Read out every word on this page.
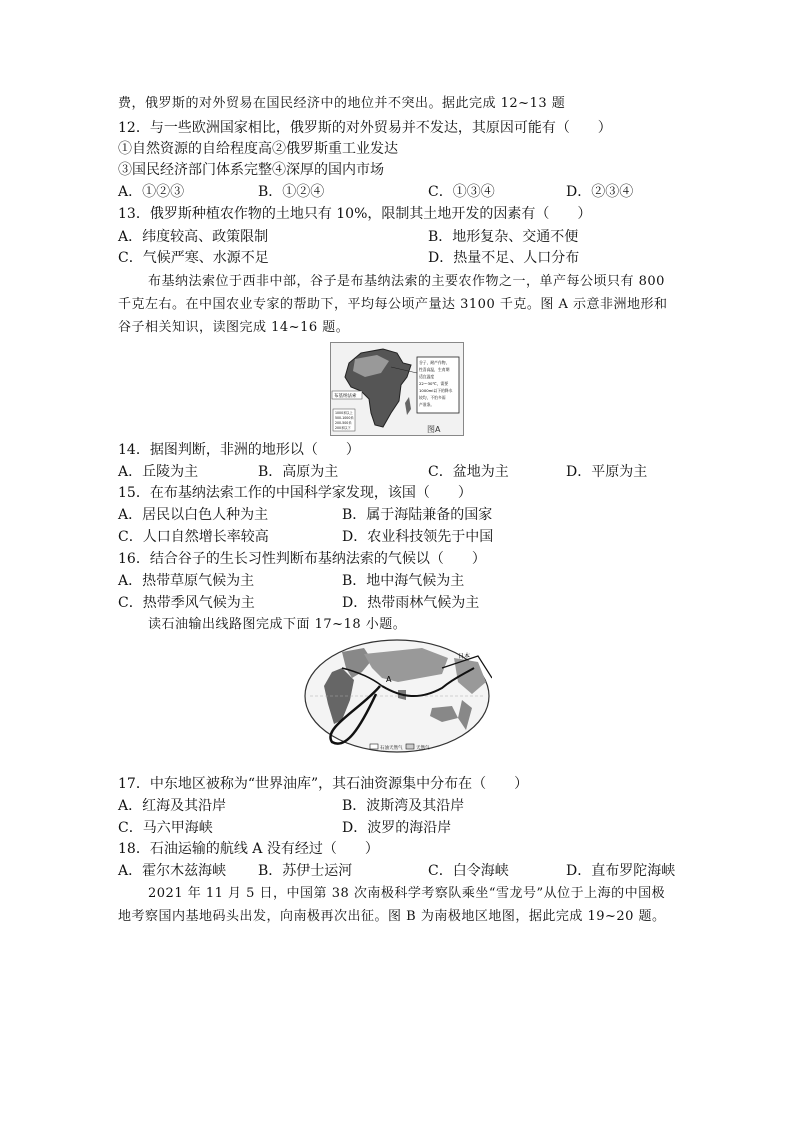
费，俄罗斯的对外贸易在国民经济中的地位并不突出。据此完成 12~13 题
12．与一些欧洲国家相比，俄罗斯的对外贸易并不发达，其原因可能有（　　）
①自然资源的自给程度高②俄罗斯重工业发达
③国民经济部门体系完整④深厚的国内市场
A．①②③	B．①②④	C．①③④	D．②③④
13．俄罗斯种植农作物的土地只有 10%，限制其土地开发的因素有（　　）
A．纬度较高、政策限制	B．地形复杂、交通不便
C．气候严寒、水源不足	D．热量不足、人口分布
布基纳法索位于西非中部，谷子是布基纳法索的主要农作物之一，单产每公顷只有 800
千克左右。在中国农业专家的帮助下，平均每公顷产量达 3100 千克。图 A 示意非洲地形和
谷子相关知识，读图完成 14~16 题。
布基纳法索
1000米以上
500-1000米
200-500米
200米以下
谷子，耐产作物，
性喜高温，生育期
适宜温度
22～30℃，需要
1000ml以下的降水
较均，不怕多雨
产准条。
图A
14．据图判断，非洲的地形以（　　）
A．丘陵为主	B．高原为主	C．盆地为主	D．平原为主
15．在布基纳法索工作的中国科学家发现，该国（　　）
A．居民以白色人种为主	B．属于海陆兼备的国家
C．人口自然增长率较高	D．农业科技领先于中国
16．结合谷子的生长习性判断布基纳法索的气候以（　　）
A．热带草原气候为主	B．地中海气候为主
C．热带季风气候为主	D．热带雨林气候为主
读石油输出线路图完成下面 17~18 小题。
日本
A
石油天然气	天然气
17．中东地区被称为“世界油库”，其石油资源集中分布在（　　）
A．红海及其沿岸	B．波斯湾及其沿岸
C．马六甲海峡	D．波罗的海沿岸
18．石油运输的航线 A 没有经过（　　）
A．霍尔木兹海峡 B．苏伊士运河	C．白令海峡	D．直布罗陀海峡
2021 年 11 月 5 日，中国第 38 次南极科学考察队乘坐“雪龙号”从位于上海的中国极
地考察国内基地码头出发，向南极再次出征。图 B 为南极地区地图，据此完成 19~20 题。
